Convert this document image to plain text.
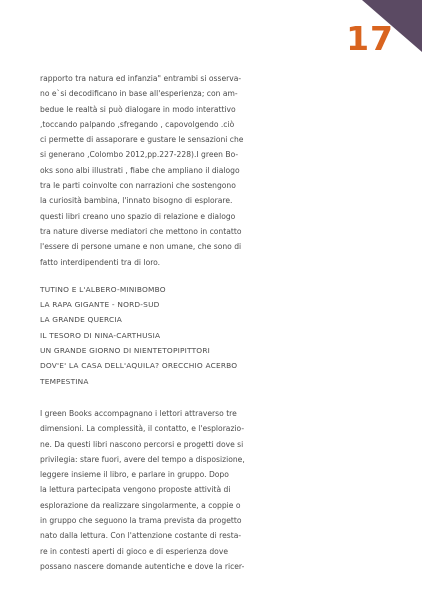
17

rapporto tra natura ed infanzia" entrambi si osserva-
no e`si decodificano in base all'esperienza; con am-
bedue le realtà si può dialogare in modo interattivo
,toccando palpando ,sfregando , capovolgendo .ciò
ci permette di assaporare e gustare le sensazioni che
si generano ,Colombo 2012,pp.227-228).I green Bo-
oks sono albi illustrati , fiabe che ampliano il dialogo
tra le parti coinvolte con narrazioni che sostengono
la curiosità bambina, l'innato bisogno di esplorare.
questi libri creano uno spazio di relazione e dialogo
tra nature diverse mediatori che mettono in contatto
l'essere di persone umane e non umane, che sono di
fatto interdipendenti tra di loro.

TUTINO E L'ALBERO-MINIBOMBO
LA RAPA GIGANTE - NORD-SUD
LA GRANDE QUERCIA
IL TESORO DI NINA-CARTHUSIA
UN GRANDE GIORNO DI NIENTETOPIPITTORI
DOV'E' LA CASA DELL'AQUILA? ORECCHIO ACERBO
TEMPESTINA

I green Books accompagnano i lettori attraverso tre
dimensioni. La complessità, il contatto, e l'esplorazio-
ne. Da questi libri nascono percorsi e progetti dove si
privilegia: stare fuori, avere del tempo a disposizione,
leggere insieme il libro, e parlare in gruppo. Dopo
la lettura partecipata vengono proposte attività di
esplorazione da realizzare singolarmente, a coppie o
in gruppo che seguono la trama prevista da progetto
nato dalla lettura. Con l'attenzione costante di resta-
re in contesti aperti di gioco e di esperienza dove
possano nascere domande autentiche e dove la ricer-
